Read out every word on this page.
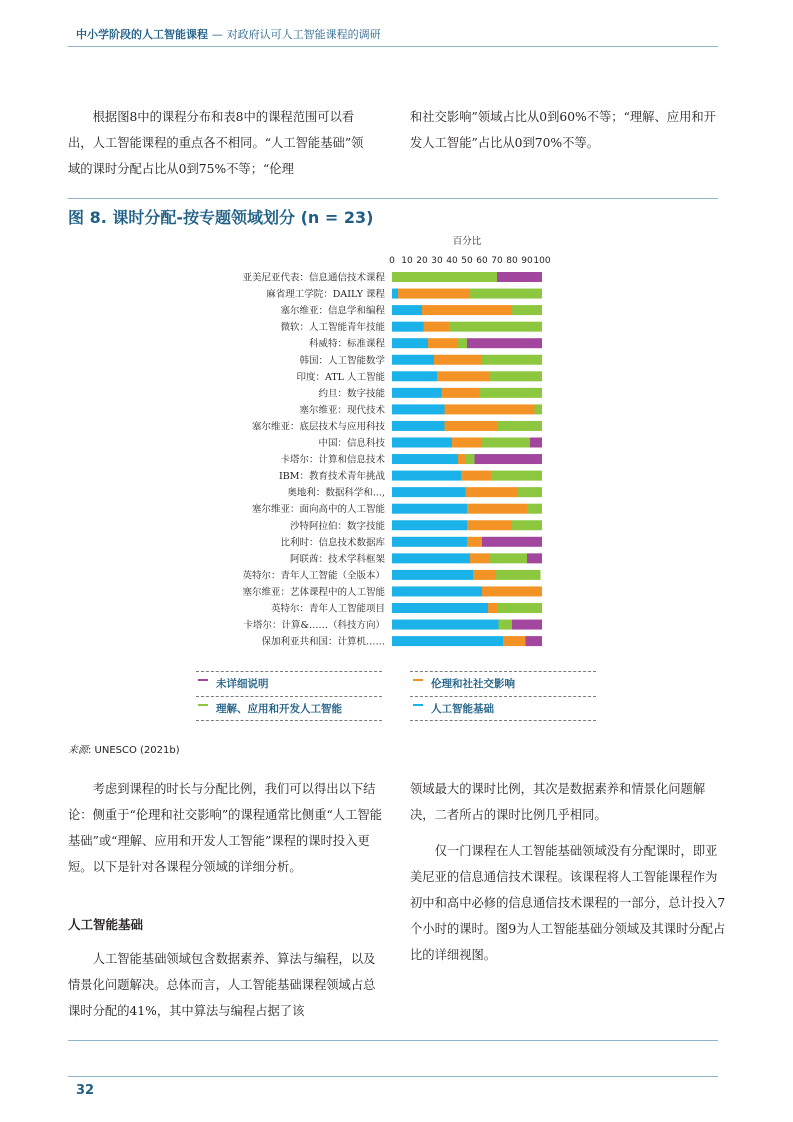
中小学阶段的人工智能课程 — 对政府认可人工智能课程的调研

根据图8中的课程分布和表8中的课程范围可以看出，人工智能课程的重点各不相同。“人工智能基础”领域的课时分配占比从0到75%不等；“伦理

和社交影响”领域占比从0到60%不等；“理解、应用和开发人工智能”占比从0到70%不等。

图 8. 课时分配-按专题领域划分 (n = 23)
0 10 20 30 40 50 60 70 80 90 100
亚美尼亚代表：信息通信技术课程
麻省理工学院：DAILY 课程
塞尔维亚：信息学和编程
微软：人工智能青年技能
科威特：标准课程
韩国：人工智能数学
印度：ATL 人工智能
约旦：数字技能
塞尔维亚：现代技术
塞尔维亚：底层技术与应用科技
中国：信息科技
卡塔尔：计算和信息技术
IBM：教育技术青年挑战
奥地利：数据科学和...,
塞尔维亚：面向高中的人工智能
沙特阿拉伯：数字技能
比利时：信息技术数据库
阿联酋：技术学科框架
英特尔：青年人工智能（全版本）
塞尔维亚：艺体课程中的人工智能
英特尔：青年人工智能项目
卡塔尔：计算&……（科技方向）
保加利亚共和国：计算机……
百分比
未详细说明	伦理和社社交影响
理解、应用和开发人工智能	人工智能基础
来源: UNESCO (2021b)

考虑到课程的时长与分配比例，我们可以得出以下结论：侧重于“伦理和社交影响”的课程通常比侧重“人工智能基础”或“理解、应用和开发人工智能”课程的课时投入更短。以下是针对各课程分领域的详细分析。

人工智能基础

人工智能基础领域包含数据素养、算法与编程，以及情景化问题解决。总体而言，人工智能基础课程领域占总课时分配的41%，其中算法与编程占据了该

领域最大的课时比例，其次是数据素养和情景化问题解决，二者所占的课时比例几乎相同。

仅一门课程在人工智能基础领域没有分配课时，即亚美尼亚的信息通信技术课程。该课程将人工智能课程作为初中和高中必修的信息通信技术课程的一部分，总计投入7个小时的课时。图9为人工智能基础分领域及其课时分配占比的详细视图。

32
